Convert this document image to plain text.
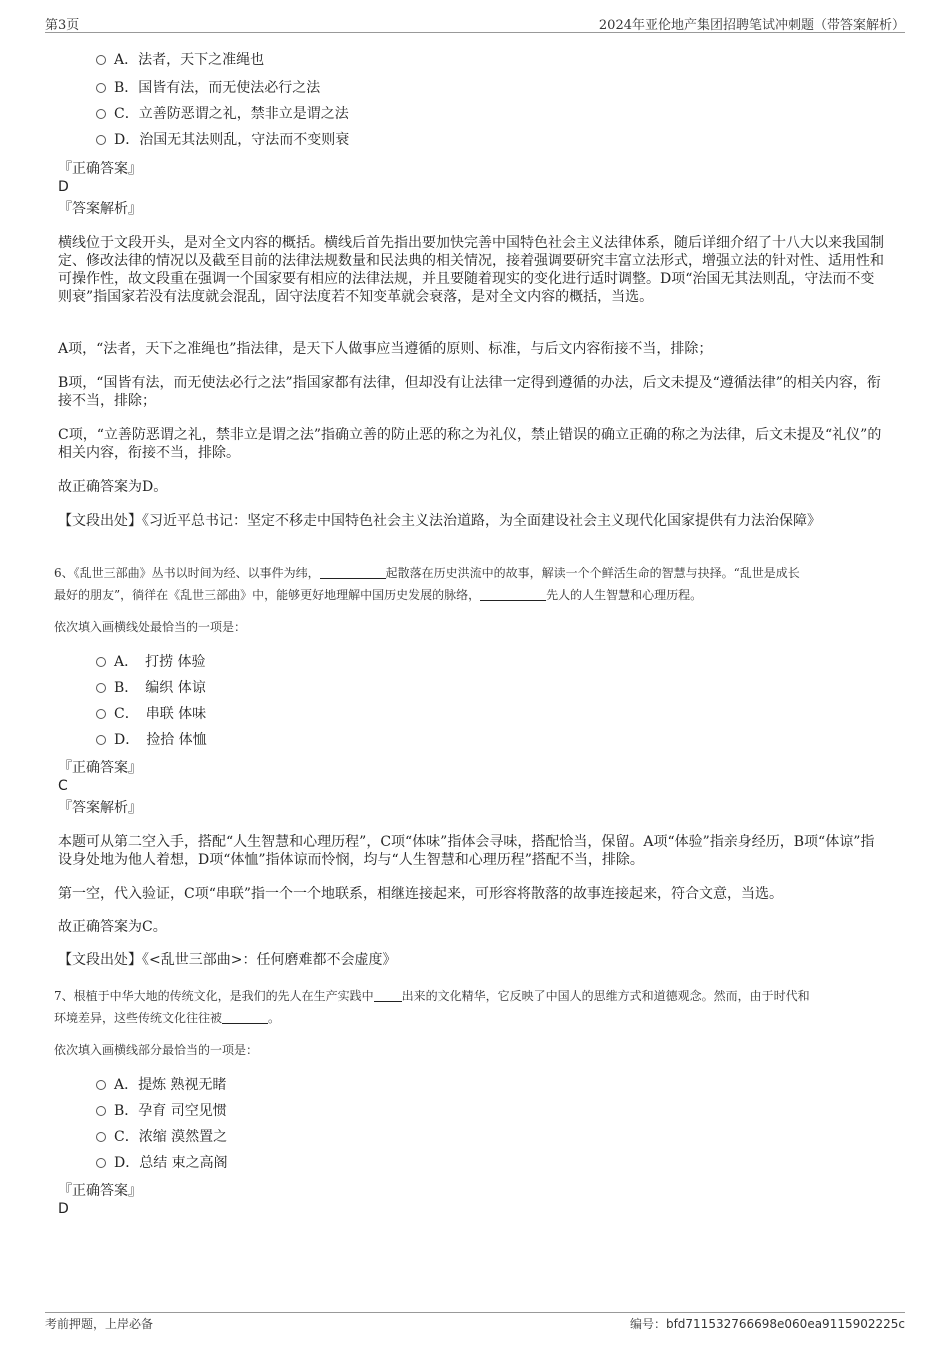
第3页	2024年亚伦地产集团招聘笔试冲刺题（带答案解析）
A．法者，天下之准绳也
B．国皆有法，而无使法必行之法
C．立善防恶谓之礼，禁非立是谓之法
D．治国无其法则乱，守法而不变则衰
『正确答案』
D
『答案解析』
横线位于文段开头，是对全文内容的概括。横线后首先指出要加快完善中国特色社会主义法律体系，随后详细介绍了十八大以来我国制定、修改法律的情况以及截至目前的法律法规数量和民法典的相关情况，接着强调要研究丰富立法形式，增强立法的针对性、适用性和可操作性，故文段重在强调一个国家要有相应的法律法规，并且要随着现实的变化进行适时调整。D项“治国无其法则乱，守法而不变则衰”指国家若没有法度就会混乱，固守法度若不知变革就会衰落，是对全文内容的概括，当选。
A项，“法者，天下之准绳也”指法律，是天下人做事应当遵循的原则、标准，与后文内容衔接不当，排除；
B项，“国皆有法，而无使法必行之法”指国家都有法律，但却没有让法律一定得到遵循的办法，后文未提及“遵循法律”的相关内容，衔接不当，排除；
C项，“立善防恶谓之礼，禁非立是谓之法”指确立善的防止恶的称之为礼仪，禁止错误的确立正确的称之为法律，后文未提及“礼仪”的相关内容，衔接不当，排除。
故正确答案为D。
【文段出处】《习近平总书记：坚定不移走中国特色社会主义法治道路，为全面建设社会主义现代化国家提供有力法治保障》
6、《乱世三部曲》丛书以时间为经、以事件为纬，	起散落在历史洪流中的故事，解读一个个鲜活生命的智慧与抉择。“乱世是成长
最好的朋友”，徜徉在《乱世三部曲》中，能够更好地理解中国历史发展的脉络，	先人的人生智慧和心理历程。
依次填入画横线处最恰当的一项是：
A．　打捞 体验
B．　编织 体谅
C．　串联 体味
D．　捡拾 体恤
『正确答案』
C
『答案解析』
本题可从第二空入手，搭配“人生智慧和心理历程”，C项“体味”指体会寻味，搭配恰当，保留。A项“体验”指亲身经历，B项“体谅”指设身处地为他人着想，D项“体恤”指体谅而怜悯，均与“人生智慧和心理历程”搭配不当，排除。
第一空，代入验证，C项“串联”指一个一个地联系，相继连接起来，可形容将散落的故事连接起来，符合文意，当选。
故正确答案为C。
【文段出处】《<乱世三部曲>：任何磨难都不会虚度》
7、根植于中华大地的传统文化，是我们的先人在生产实践中 出来的文化精华，它反映了中国人的思维方式和道德观念。然而，由于时代和
环境差异，这些传统文化往往被	。
依次填入画横线部分最恰当的一项是：
A．提炼 熟视无睹
B．孕育 司空见惯
C．浓缩 漠然置之
D．总结 束之高阁
『正确答案』
D
考前押题，上岸必备	编号：bfd711532766698e060ea9115902225c
